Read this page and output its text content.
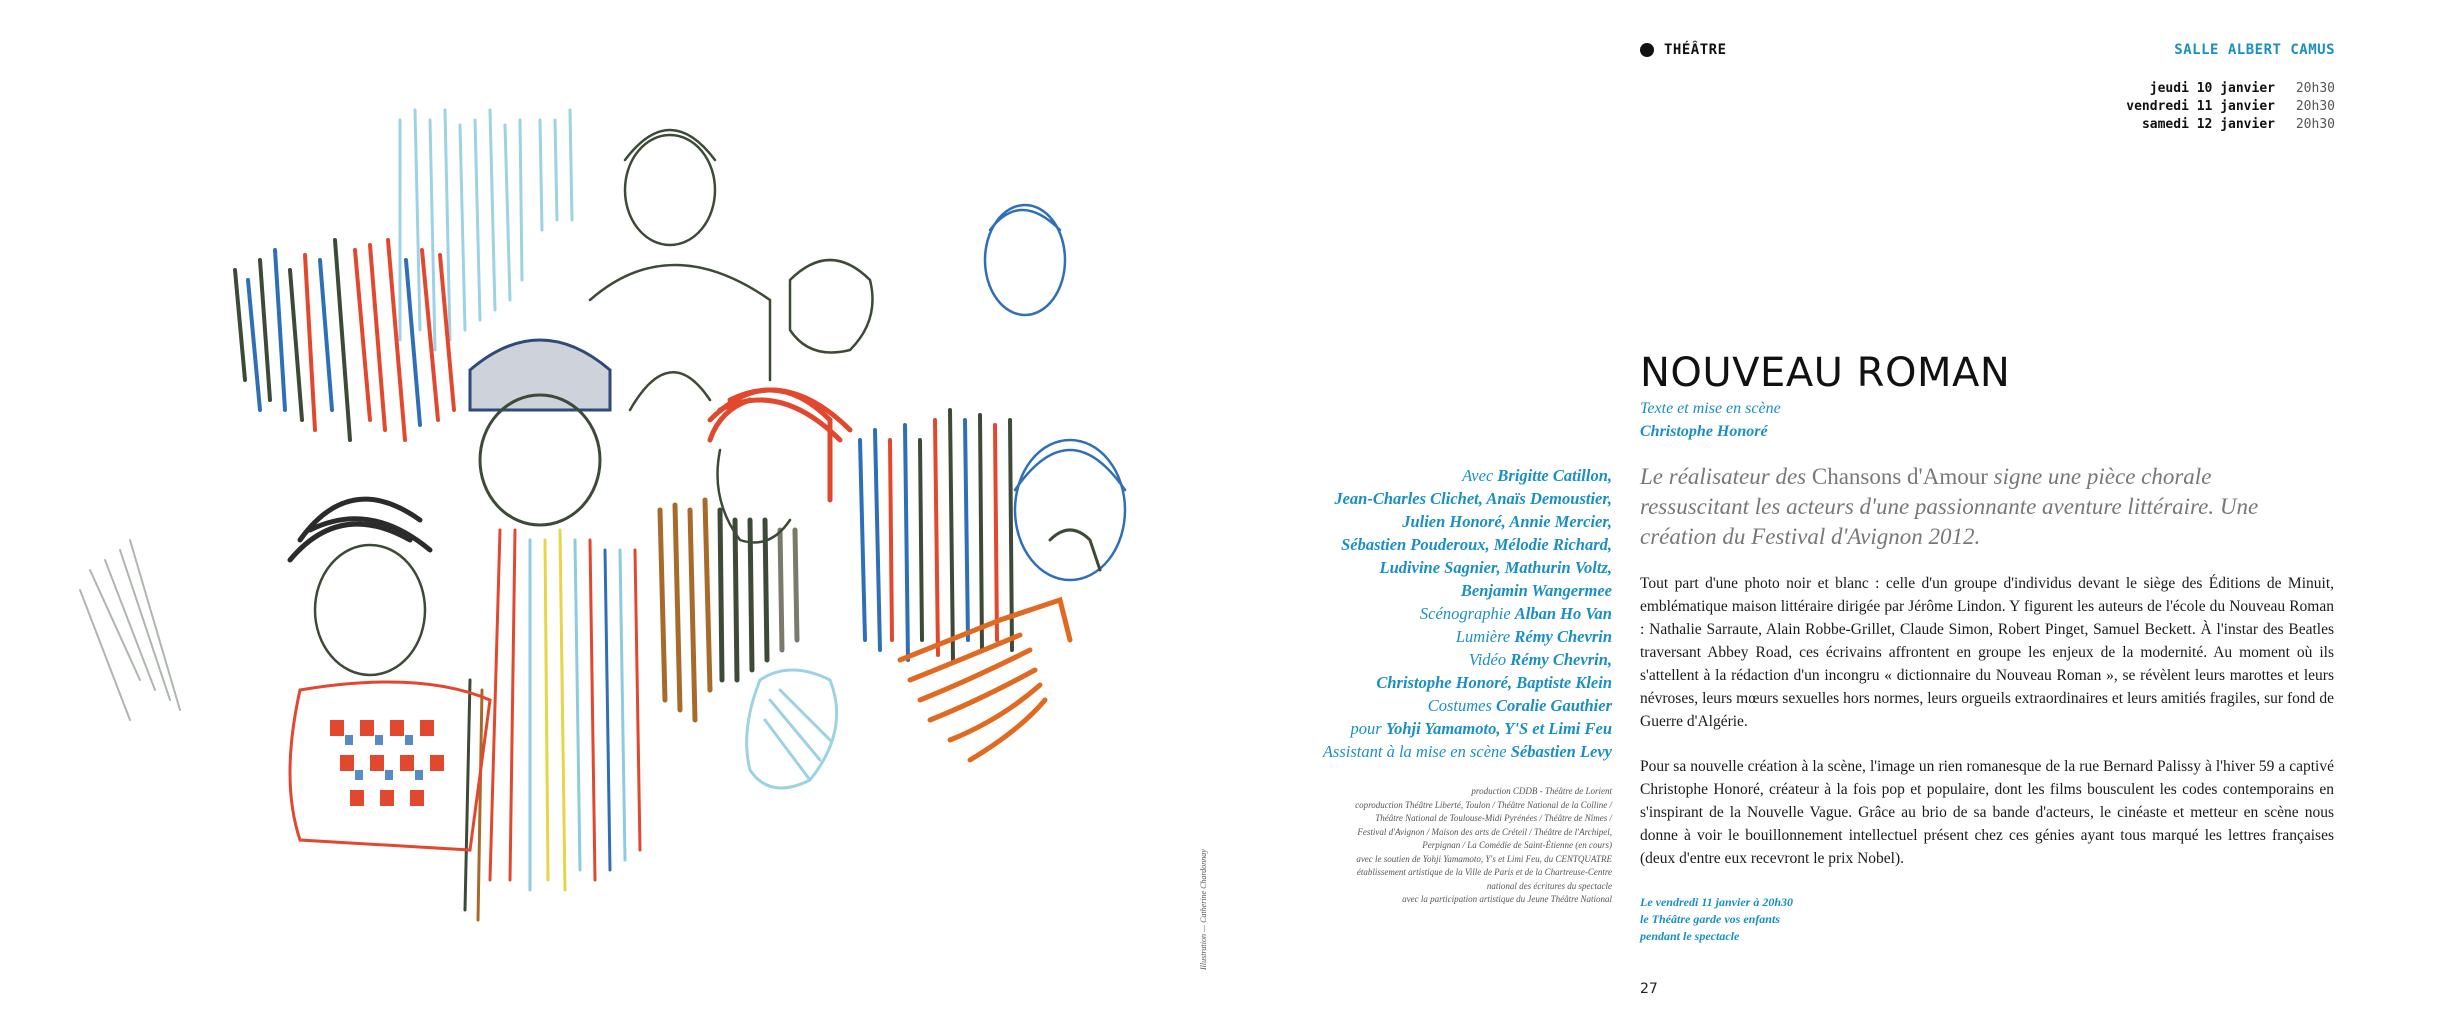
Illustration — Catherine Chardonnay
THÉÂTRE	SALLE ALBERT CAMUS
jeudi 10 janvier	20h30
vendredi 11 janvier	20h30
samedi 12 janvier	20h30
NOUVEAU ROMAN
Texte et mise en scène
Christophe Honoré
Avec Brigitte Catillon,
Jean-Charles Clichet, Anaïs Demoustier,
Julien Honoré, Annie Mercier,
Sébastien Pouderoux, Mélodie Richard,
Ludivine Sagnier, Mathurin Voltz,
Benjamin Wangermee
Scénographie Alban Ho Van
Lumière Rémy Chevrin
Vidéo Rémy Chevrin,
Christophe Honoré, Baptiste Klein
Costumes Coralie Gauthier
pour Yohji Yamamoto, Y'S et Limi Feu
Assistant à la mise en scène Sébastien Levy
production CDDB - Théâtre de Lorient
coproduction Théâtre Liberté, Toulon / Théâtre National de la Colline /
Théâtre National de Toulouse-Midi Pyrénées / Théâtre de Nîmes /
Festival d'Avignon / Maison des arts de Créteil / Théâtre de l'Archipel,
Perpignan / La Comédie de Saint-Étienne (en cours)
avec le soutien de Yohji Yamamoto, Y's et Limi Feu, du CENTQUATRE
établissement artistique de la Ville de Paris et de la Chartreuse-Centre
national des écritures du spectacle
avec la participation artistique du Jeune Théâtre National
Le réalisateur des Chansons d'Amour signe une pièce chorale ressuscitant les acteurs d'une passionnante aventure littéraire. Une création du Festival d'Avignon 2012.

Tout part d'une photo noir et blanc : celle d'un groupe d'individus devant le siège des Éditions de Minuit, emblématique maison littéraire dirigée par Jérôme Lindon. Y figurent les auteurs de l'école du Nouveau Roman : Nathalie Sarraute, Alain Robbe-Grillet, Claude Simon, Robert Pinget, Samuel Beckett. À l'instar des Beatles traversant Abbey Road, ces écrivains affrontent en groupe les enjeux de la modernité. Au moment où ils s'attellent à la rédaction d'un incongru « dictionnaire du Nouveau Roman », se révèlent leurs marottes et leurs névroses, leurs mœurs sexuelles hors normes, leurs orgueils extraordinaires et leurs amitiés fragiles, sur fond de Guerre d'Algérie.

Pour sa nouvelle création à la scène, l'image un rien romanesque de la rue Bernard Palissy à l'hiver 59 a captivé Christophe Honoré, créateur à la fois pop et populaire, dont les films bousculent les codes contemporains en s'inspirant de la Nouvelle Vague. Grâce au brio de sa bande d'acteurs, le cinéaste et metteur en scène nous donne à voir le bouillonnement intellectuel présent chez ces génies ayant tous marqué les lettres françaises (deux d'entre eux recevront le prix Nobel).

Le vendredi 11 janvier à 20h30
le Théâtre garde vos enfants
pendant le spectacle
27
